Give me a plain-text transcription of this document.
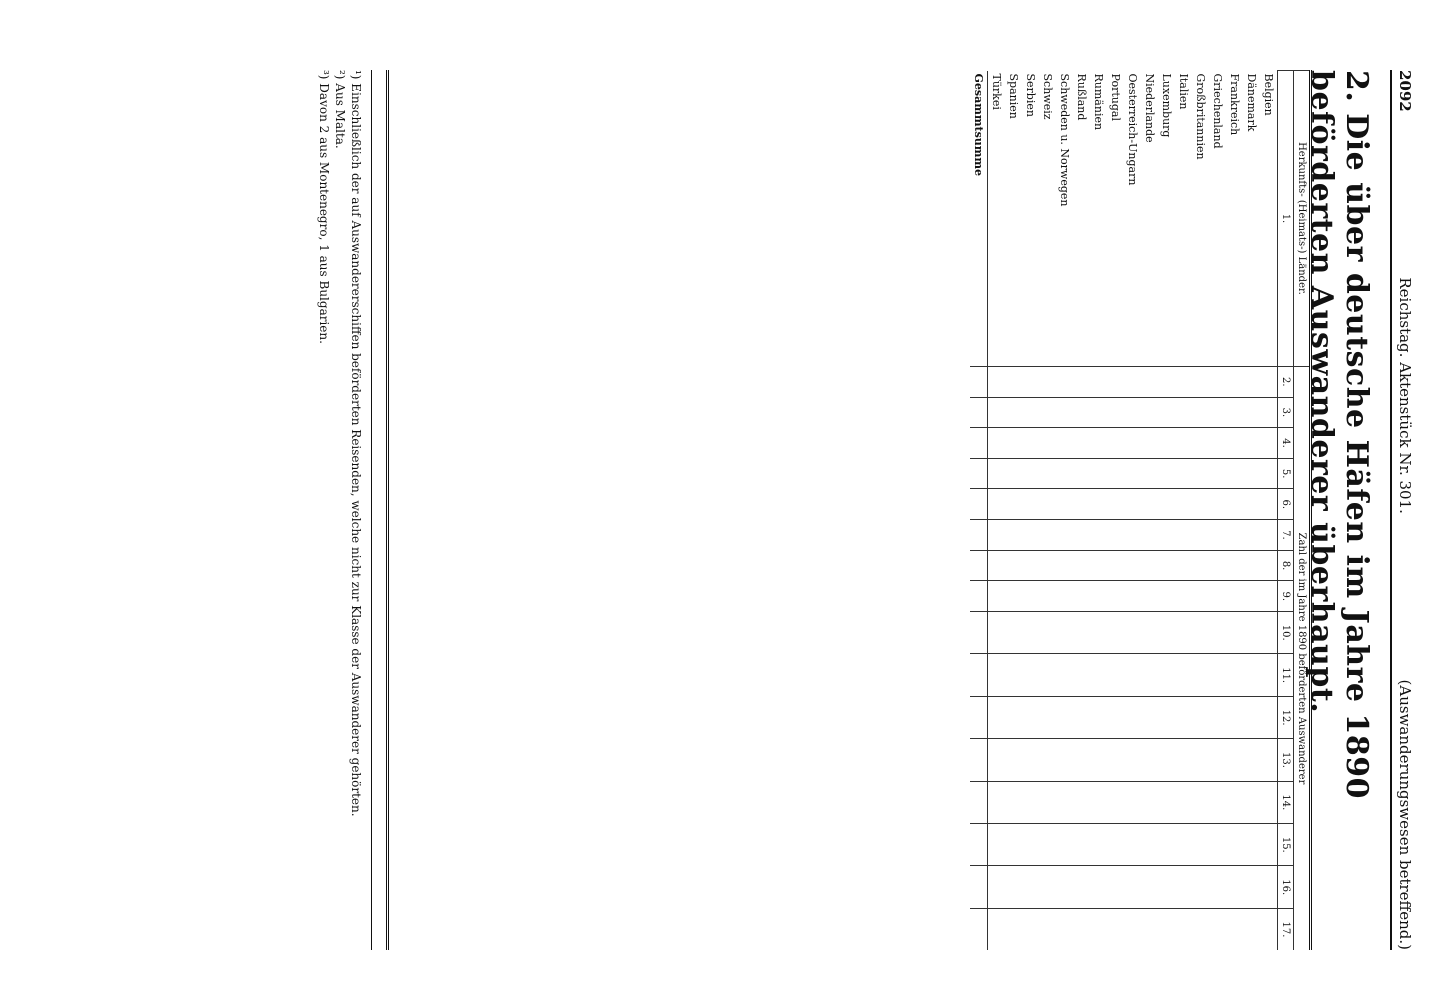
2092
Reichstag. Aktenstück Nr. 301.
(Auswanderungswesen betreffend.)
2. Die über deutsche Häfen im Jahre 1890 beförderten Auswanderer überhaupt.
Herkunfts- (Heimats-) Länder.	Zahl der im Jahre 1890 beförderten Auswanderer															
1.	2.	3.	4.	5.	6.	7.	8.	9.	10.	11.	12.	13.	14.	15.	16.	17.
Belgien																
Dänemark																
Frankreich																
Griechenland																
Großbritannien																
Italien																
Luxemburg																
Niederlande																
Oesterreich-Ungarn																
Portugal																
Rumänien																
Rußland																
Schweden u. Norwegen																
Schweiz																
Serbien																
Spanien																
Türkei																
Gesammtsumme																
¹) Einschließlich der auf Auswandererschiffen beförderten Reisenden, welche nicht zur Klasse der Auswanderer gehörten.
²) Aus Malta.
³) Davon 2 aus Montenegro, 1 aus Bulgarien.
